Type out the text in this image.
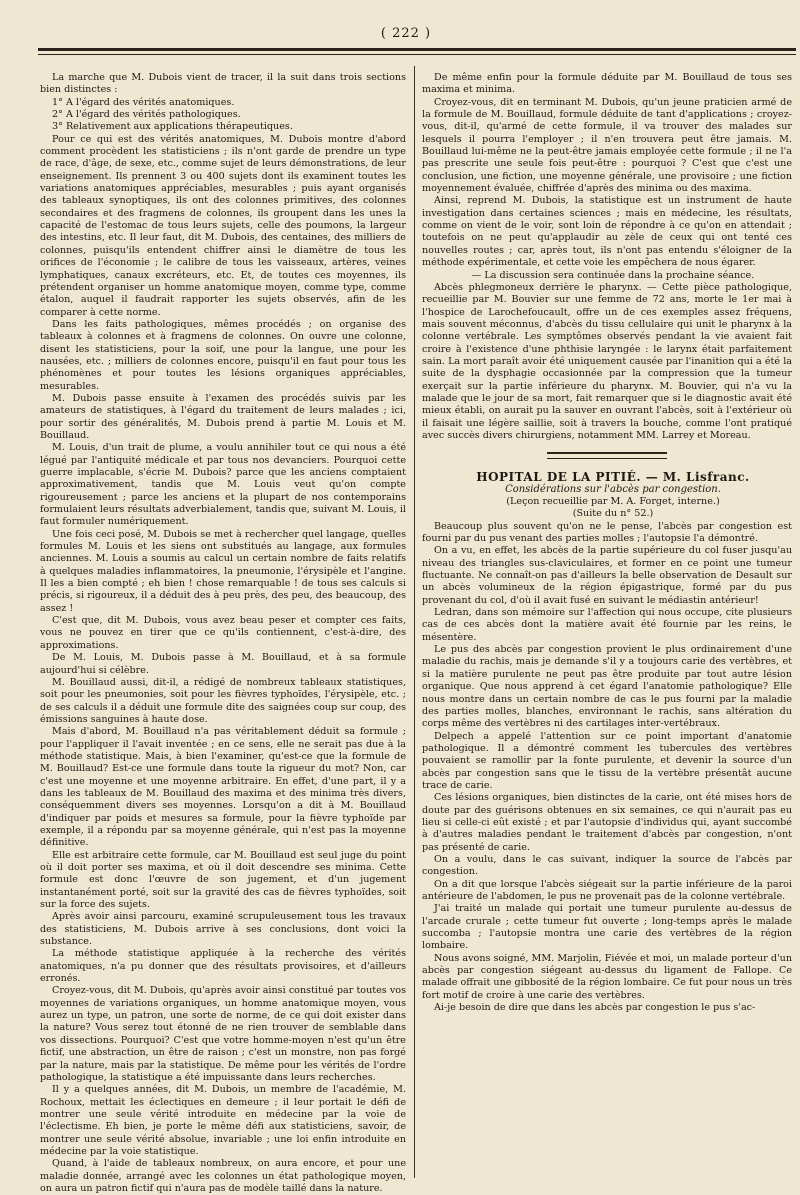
( 222 )

La marche que M. Dubois vient de tracer, il la suit dans trois sections bien distinctes :

1° A l'égard des vérités anatomiques.

2° A l'égard des vérités pathologiques.

3° Relativement aux applications thérapeutiques.

Pour ce qui est des vérités anatomiques, M. Dubois montre d'abord comment procèdent les statisticiens ; ils n'ont garde de prendre un type de race, d'âge, de sexe, etc., comme sujet de leurs démonstrations, de leur enseignement. Ils prennent 3 ou 400 sujets dont ils examinent toutes les variations anatomiques appréciables, mesurables ; puis ayant organisés des tableaux synoptiques, ils ont des colonnes primitives, des colonnes secondaires et des fragmens de colonnes, ils groupent dans les unes la capacité de l'estomac de tous leurs sujets, celle des poumons, la largeur des intestins, etc. Il leur faut, dit M. Dubois, des centaines, des milliers de colonnes, puisqu'ils entendent chiffrer ainsi le diamètre de tous les orifices de l'économie ; le calibre de tous les vaisseaux, artères, veines lymphatiques, canaux excréteurs, etc. Et, de toutes ces moyennes, ils prétendent organiser un homme anatomique moyen, comme type, comme étalon, auquel il faudrait rapporter les sujets observés, afin de les comparer à cette norme.

Dans les faits pathologiques, mêmes procédés ; on organise des tableaux à colonnes et à fragmens de colonnes. On ouvre une colonne, disent les statisticiens, pour la soif, une pour la langue, une pour les nausées, etc. ; milliers de colonnes encore, puisqu'il en faut pour tous les phénomènes et pour toutes les lésions organiques appréciables, mesurables.

M. Dubois passe ensuite à l'examen des procédés suivis par les amateurs de statistiques, à l'égard du traitement de leurs malades ; ici, pour sortir des généralités, M. Dubois prend à partie M. Louis et M. Bouillaud.

M. Louis, d'un trait de plume, a voulu annihiler tout ce qui nous a été légué par l'antiquité médicale et par tous nos devanciers. Pourquoi cette guerre implacable, s'écrie M. Dubois? parce que les anciens comptaient approximativement, tandis que M. Louis veut qu'on compte rigoureusement ; parce les anciens et la plupart de nos contemporains formulaient leurs résultats adverbialement, tandis que, suivant M. Louis, il faut formuler numériquement.

Une fois ceci posé, M. Dubois se met à rechercher quel langage, quelles formules M. Louis et les siens ont substitués au langage, aux formules anciennes. M. Louis a soumis au calcul un certain nombre de faits relatifs à quelques maladies inflammatoires, la pneumonie, l'érysipèle et l'angine. Il les a bien compté ; eh bien ! chose remarquable ! de tous ses calculs si précis, si rigoureux, il a déduit des à peu près, des peu, des beaucoup, des assez !

C'est que, dit M. Dubois, vous avez beau peser et compter ces faits, vous ne pouvez en tirer que ce qu'ils contiennent, c'est-à-dire, des approximations.

De M. Louis, M. Dubois passe à M. Bouillaud, et à sa formule aujourd'hui si célèbre.

M. Bouillaud aussi, dit-il, a rédigé de nombreux tableaux statistiques, soit pour les pneumonies, soit pour les fièvres typhoïdes, l'érysipèle, etc. ; de ses calculs il a déduit une formule dite des saignées coup sur coup, des émissions sanguines à haute dose.

Mais d'abord, M. Bouillaud n'a pas véritablement déduit sa formule ; pour l'appliquer il l'avait inventée ; en ce sens, elle ne serait pas due à la méthode statistique. Mais, à bien l'examiner, qu'est-ce que la formule de M. Bouillaud? Est-ce une formule dans toute la rigueur du mot? Non, car c'est une moyenne et une moyenne arbitraire. En effet, d'une part, il y a dans les tableaux de M. Bouillaud des maxima et des minima très divers, conséquemment divers ses moyennes. Lorsqu'on a dit à M. Bouillaud d'indiquer par poids et mesures sa formule, pour la fièvre typhoïde par exemple, il a répondu par sa moyenne générale, qui n'est pas la moyenne définitive.

Elle est arbitraire cette formule, car M. Bouillaud est seul juge du point où il doit porter ses maxima, et où il doit descendre ses minima. Cette formule est donc l'œuvre de son jugement, et d'un jugement instantanément porté, soit sur la gravité des cas de fièvres typhoïdes, soit sur la force des sujets.

Après avoir ainsi parcouru, examiné scrupuleusement tous les travaux des statisticiens, M. Dubois arrive à ses conclusions, dont voici la substance.

La méthode statistique appliquée à la recherche des vérités anatomiques, n'a pu donner que des résultats provisoires, et d'ailleurs erronés.

Croyez-vous, dit M. Dubois, qu'après avoir ainsi constitué par toutes vos moyennes de variations organiques, un homme anatomique moyen, vous aurez un type, un patron, une sorte de norme, de ce qui doit exister dans la nature? Vous serez tout étonné de ne rien trouver de semblable dans vos dissections. Pourquoi? C'est que votre homme-moyen n'est qu'un être fictif, une abstraction, un être de raison ; c'est un monstre, non pas forgé par la nature, mais par la statistique. De même pour les vérités de l'ordre pathologique, la statistique a été impuissante dans leurs recherches.

Il y a quelques années, dit M. Dubois, un membre de l'académie, M. Rochoux, mettait les éclectiques en demeure ; il leur portait le défi de montrer une seule vérité introduite en médecine par la voie de l'éclectisme. Eh bien, je porte le même défi aux statisticiens, savoir, de montrer une seule vérité absolue, invariable ; une loi enfin introduite en médecine par la voie statistique.

Quand, à l'aide de tableaux nombreux, on aura encore, et pour une maladie donnée, arrangé avec les colonnes un état pathologique moyen, on aura un patron fictif qui n'aura pas de modèle taillé dans la nature.

De même enfin pour la formule déduite par M. Bouillaud de tous ses maxima et minima.

Croyez-vous, dit en terminant M. Dubois, qu'un jeune praticien armé de la formule de M. Bouillaud, formule déduite de tant d'applications ; croyez-vous, dit-il, qu'armé de cette formule, il va trouver des malades sur lesquels il pourra l'employer ; il n'en trouvera peut être jamais. M. Bouillaud lui-même ne la peut-être jamais employée cette formule ; il ne l'a pas prescrite une seule fois peut-être : pourquoi ? C'est que c'est une conclusion, une fiction, une moyenne générale, une provisoire ; une fiction moyennement évaluée, chiffrée d'après des minima ou des maxima.

Ainsi, reprend M. Dubois, la statistique est un instrument de haute investigation dans certaines sciences ; mais en médecine, les résultats, comme on vient de le voir, sont loin de répondre à ce qu'on en attendait ; toutefois on ne peut qu'applaudir au zèle de ceux qui ont tenté ces nouvelles routes ; car, après tout, ils n'ont pas entendu s'éloigner de la méthode expérimentale, et cette voie les empêchera de nous égarer.

— La discussion sera continuée dans la prochaine séance.

Abcès phlegmoneux derrière le pharynx. — Cette pièce pathologique, recueillie par M. Bouvier sur une femme de 72 ans, morte le 1er mai à l'hospice de Larochefoucault, offre un de ces exemples assez fréquens, mais souvent méconnus, d'abcès du tissu cellulaire qui unit le pharynx à la colonne vertébrale. Les symptômes observés pendant la vie avaient fait croire à l'existence d'une phthisie laryngée : le larynx était parfaitement sain. La mort paraît avoir été uniquement causée par l'inanition qui a été la suite de la dysphagie occasionnée par la compression que la tumeur exerçait sur la partie inférieure du pharynx. M. Bouvier, qui n'a vu la malade que le jour de sa mort, fait remarquer que si le diagnostic avait été mieux établi, on aurait pu la sauver en ouvrant l'abcès, soit à l'extérieur où il faisait une légère saillie, soit à travers la bouche, comme l'ont pratiqué avec succès divers chirurgiens, notamment MM. Larrey et Moreau.

HOPITAL DE LA PITIÉ. — M. Lisfranc.

Considérations sur l'abcès par congestion.

(Leçon recueillie par M. A. Forget, interne.)

(Suite du n° 52.)

Beaucoup plus souvent qu'on ne le pense, l'abcès par congestion est fourni par du pus venant des parties molles ; l'autopsie l'a démontré.

On a vu, en effet, les abcès de la partie supérieure du col fuser jusqu'au niveau des triangles sus-claviculaires, et former en ce point une tumeur fluctuante. Ne connaît-on pas d'ailleurs la belle observation de Desault sur un abcès volumineux de la région épigastrique, formé par du pus provenant du col, d'où il avait fusé en suivant le médiastin antérieur!

Ledran, dans son mémoire sur l'affection qui nous occupe, cite plusieurs cas de ces abcès dont la matière avait été fournie par les reins, le mésentère.

Le pus des abcès par congestion provient le plus ordinairement d'une maladie du rachis, mais je demande s'il y a toujours carie des vertèbres, et si la matière purulente ne peut pas être produite par tout autre lésion organique. Que nous apprend à cet égard l'anatomie pathologique? Elle nous montre dans un certain nombre de cas le pus fourni par la maladie des parties molles, blanches, environnant le rachis, sans altération du corps même des vertèbres ni des cartilages inter-vertébraux.

Delpech a appelé l'attention sur ce point important d'anatomie pathologique. Il a démontré comment les tubercules des vertèbres pouvaient se ramollir par la fonte purulente, et devenir la source d'un abcès par congestion sans que le tissu de la vertèbre présentât aucune trace de carie.

Ces lésions organiques, bien distinctes de la carie, ont été mises hors de doute par des guérisons obtenues en six semaines, ce qui n'aurait pas eu lieu si celle-ci eût existé ; et par l'autopsie d'individus qui, ayant succombé à d'autres maladies pendant le traitement d'abcès par congestion, n'ont pas présenté de carie.

On a voulu, dans le cas suivant, indiquer la source de l'abcès par congestion.

On a dit que lorsque l'abcès siégeait sur la partie inférieure de la paroi antérieure de l'abdomen, le pus ne provenait pas de la colonne vertébrale.

J'ai traité un malade qui portait une tumeur purulente au-dessus de l'arcade crurale ; cette tumeur fut ouverte ; long-temps après le malade succomba ; l'autopsie montra une carie des vertèbres de la région lombaire.

Nous avons soigné, MM. Marjolin, Fiévée et moi, un malade porteur d'un abcès par congestion siégeant au-dessus du ligament de Fallope. Ce malade offrait une gibbosité de la région lombaire. Ce fut pour nous un très fort motif de croire à une carie des vertèbres.

Ai-je besoin de dire que dans les abcès par congestion le pus s'ac-
